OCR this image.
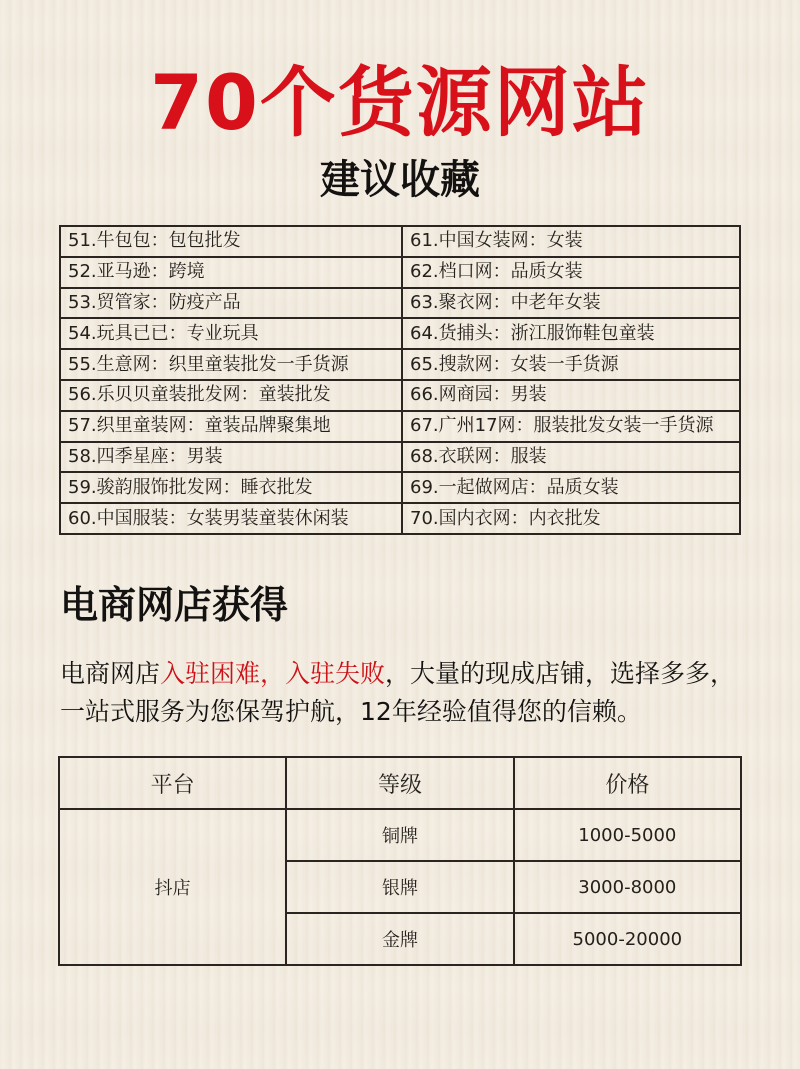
70个货源网站
建议收藏
51.牛包包：包包批发	61.中国女装网：女装
52.亚马逊：跨境	62.档口网：品质女装
53.贸管家：防疫产品	63.聚衣网：中老年女装
54.玩具已已：专业玩具	64.货捕头：浙江服饰鞋包童装
55.生意网：织里童装批发一手货源	65.搜款网：女装一手货源
56.乐贝贝童装批发网：童装批发	66.网商园：男装
57.织里童装网：童装品牌聚集地	67.广州17网：服装批发女装一手货源
58.四季星座：男装	68.衣联网：服装
59.骏韵服饰批发网：睡衣批发	69.一起做网店：品质女装
60.中国服装：女装男装童装休闲装	70.国内衣网：内衣批发
电商网店获得
电商网店入驻困难，入驻失败，大量的现成店铺，选择多多，一站式服务为您保驾护航，12年经验值得您的信赖。
平台	等级	价格
抖店	铜牌	1000-5000
	银牌	3000-8000
	金牌	5000-20000
